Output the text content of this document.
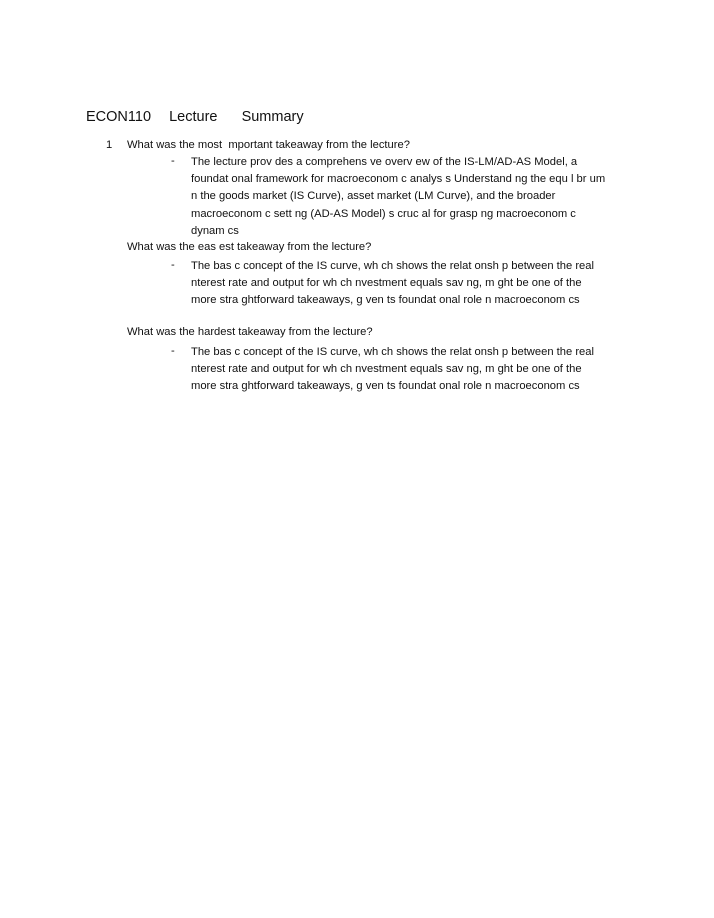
ECON110   Lecture    Summary
1 What was the most  mportant takeaway from the lecture?
- The lecture prov des a comprehens ve overv ew of the IS-LM/AD-AS Model, a
foundat onal framework for macroeconom c analys s Understand ng the equ l br um
n the goods market (IS Curve), asset market (LM Curve), and the broader
macroeconom c sett ng (AD-AS Model) s cruc al for grasp ng macroeconom c
dynam cs
What was the eas est takeaway from the lecture?
- The bas c concept of the IS curve, wh ch shows the relat onsh p between the real
nterest rate and output for wh ch nvestment equals sav ng, m ght be one of the
more stra ghtforward takeaways, g ven ts foundat onal role n macroeconom cs
What was the hardest takeaway from the lecture?
- The bas c concept of the IS curve, wh ch shows the relat onsh p between the real
nterest rate and output for wh ch nvestment equals sav ng, m ght be one of the
more stra ghtforward takeaways, g ven ts foundat onal role n macroeconom cs
